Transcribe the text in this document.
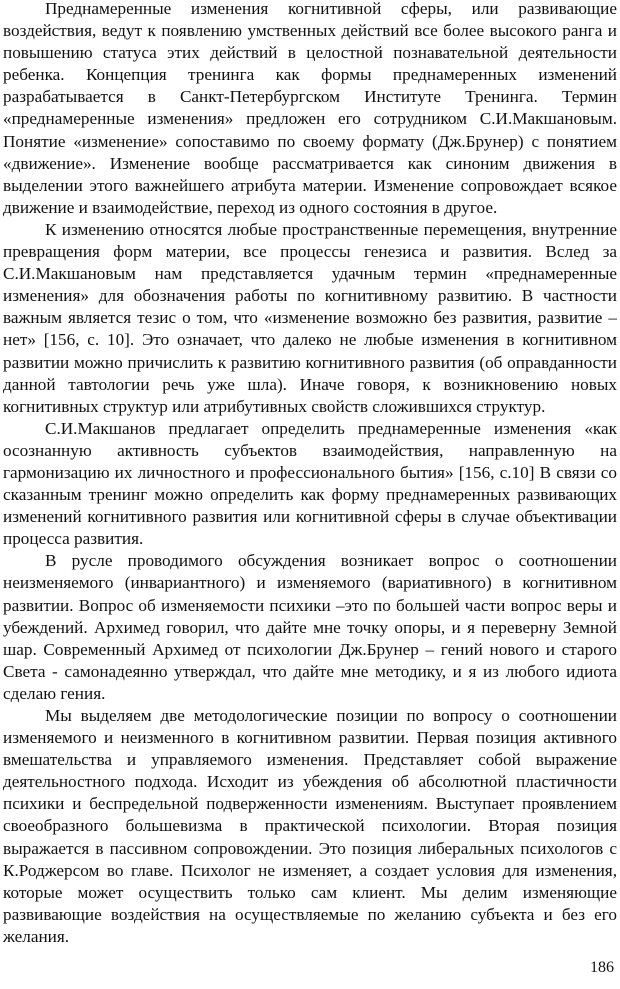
Преднамеренные изменения когнитивной сферы, или развивающие воздействия, ведут к появлению умственных действий все более высокого ранга и повышению статуса этих действий в целостной познавательной деятельности ребенка. Концепция тренинга как формы преднамеренных изменений разрабатывается в Санкт-Петербургском Институте Тренинга. Термин «преднамеренные изменения» предложен его сотрудником С.И.Макшановым. Понятие «изменение» сопоставимо по своему формату (Дж.Брунер) с понятием «движение». Изменение вообще рассматривается как синоним движения в выделении этого важнейшего атрибута материи. Изменение сопровождает всякое движение и взаимодействие, переход из одного состояния в другое.

К изменению относятся любые пространственные перемещения, внутренние превращения форм материи, все процессы генезиса и развития. Вслед за С.И.Макшановым нам представляется удачным термин «преднамеренные изменения» для обозначения работы по когнитивному развитию. В частности важным является тезис о том, что «изменение возможно без развития, развитие – нет» [156, с. 10]. Это означает, что далеко не любые изменения в когнитивном развитии можно причислить к развитию когнитивного развития (об оправданности данной тавтологии речь уже шла). Иначе говоря, к возникновению новых когнитивных структур или атрибутивных свойств сложившихся структур.

С.И.Макшанов предлагает определить преднамеренные изменения «как осознанную активность субъектов взаимодействия, направленную на гармонизацию их личностного и профессионального бытия» [156, с.10] В связи со сказанным тренинг можно определить как форму преднамеренных развивающих изменений когнитивного развития или когнитивной сферы в случае объективации процесса развития.

В русле проводимого обсуждения возникает вопрос о соотношении неизменяемого (инвариантного) и изменяемого (вариативного) в когнитивном развитии. Вопрос об изменяемости психики –это по большей части вопрос веры и убеждений. Архимед говорил, что дайте мне точку опоры, и я переверну Земной шар. Современный Архимед от психологии Дж.Брунер – гений нового и старого Света - самонадеянно утверждал, что дайте мне методику, и я из любого идиота сделаю гения.

Мы выделяем две методологические позиции по вопросу о соотношении изменяемого и неизменного в когнитивном развитии. Первая позиция активного вмешательства и управляемого изменения. Представляет собой выражение деятельностного подхода. Исходит из убеждения об абсолютной пластичности психики и беспредельной подверженности изменениям. Выступает проявлением своеобразного большевизма в практической психологии. Вторая позиция выражается в пассивном сопровождении. Это позиция либеральных психологов с К.Роджерсом во главе. Психолог не изменяет, а создает условия для изменения, которые может осуществить только сам клиент. Мы делим изменяющие развивающие воздействия на осуществляемые по желанию субъекта и без его желания.

186
